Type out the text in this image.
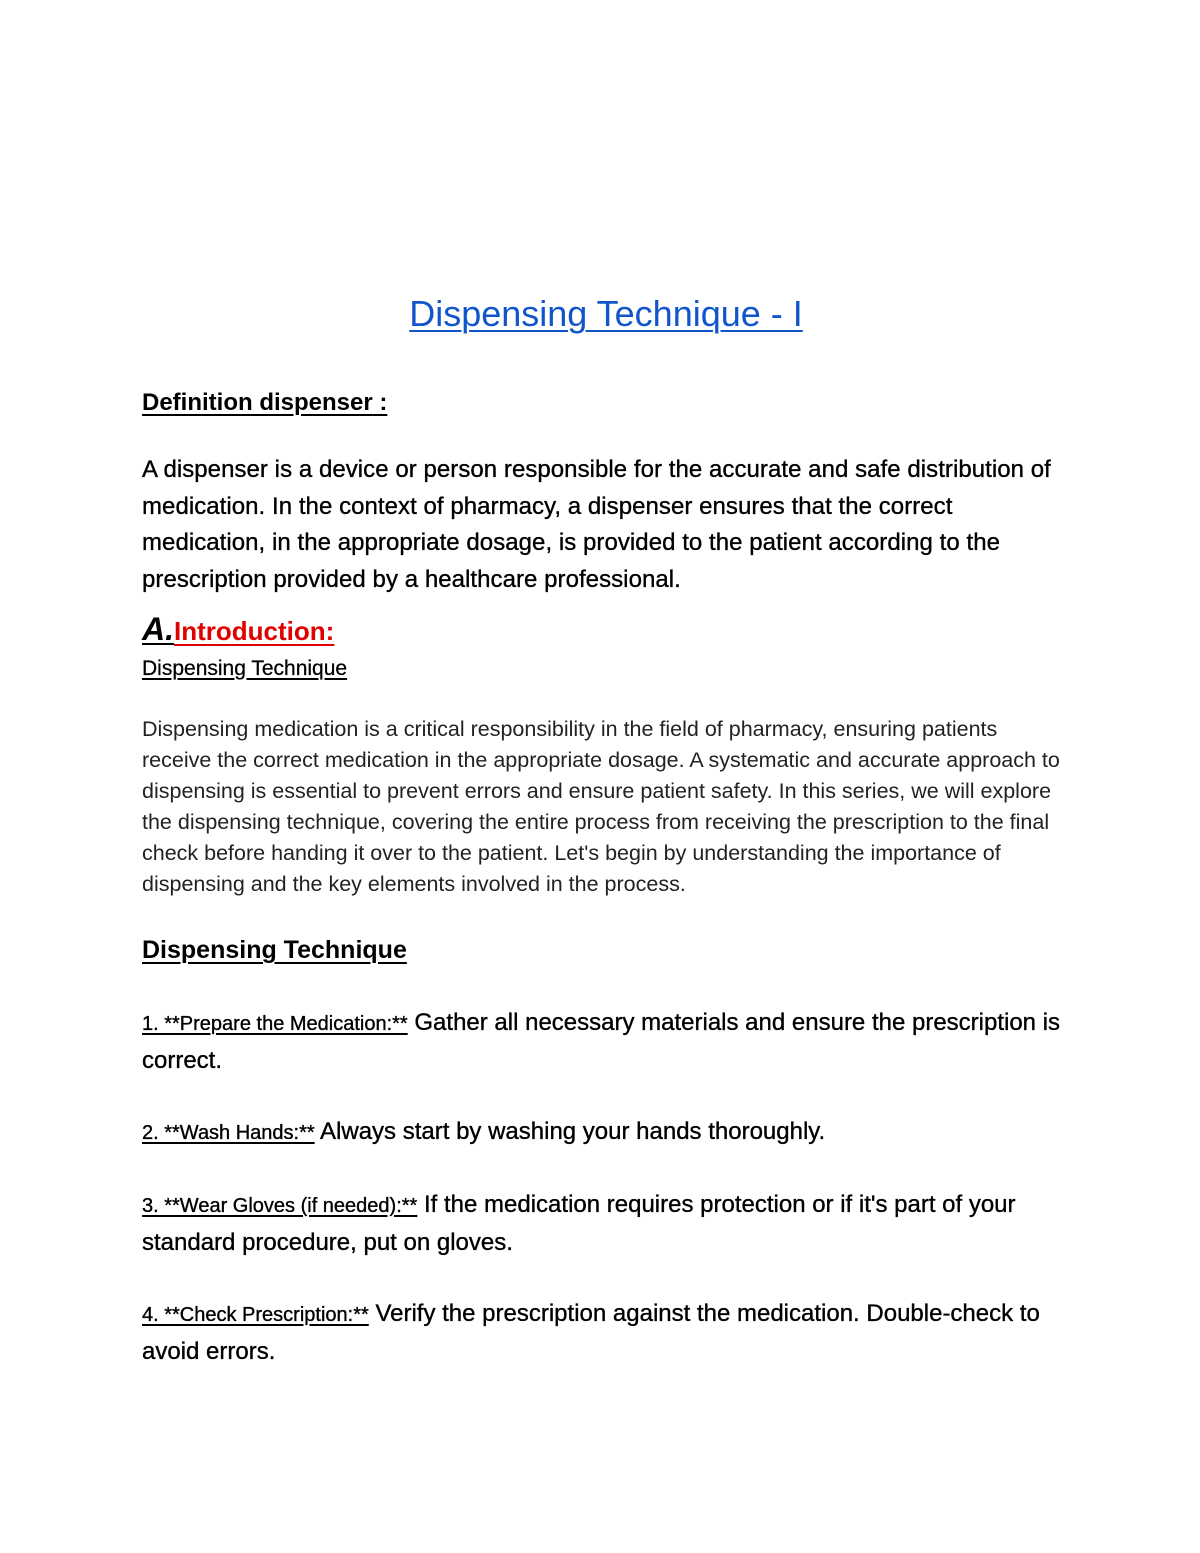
Dispensing Technique - I

Definition dispenser :

A dispenser is a device or person responsible for the accurate and safe distribution of medication. In the context of pharmacy, a dispenser ensures that the correct medication, in the appropriate dosage, is provided to the patient according to the prescription provided by a healthcare professional.

A.Introduction:

Dispensing Technique

Dispensing medication is a critical responsibility in the field of pharmacy, ensuring patients receive the correct medication in the appropriate dosage. A systematic and accurate approach to dispensing is essential to prevent errors and ensure patient safety. In this series, we will explore the dispensing technique, covering the entire process from receiving the prescription to the final check before handing it over to the patient. Let's begin by understanding the importance of dispensing and the key elements involved in the process.

Dispensing Technique

1. **Prepare the Medication:** Gather all necessary materials and ensure the prescription is correct.

2. **Wash Hands:** Always start by washing your hands thoroughly.

3. **Wear Gloves (if needed):** If the medication requires protection or if it's part of your standard procedure, put on gloves.

4. **Check Prescription:** Verify the prescription against the medication. Double-check to avoid errors.
